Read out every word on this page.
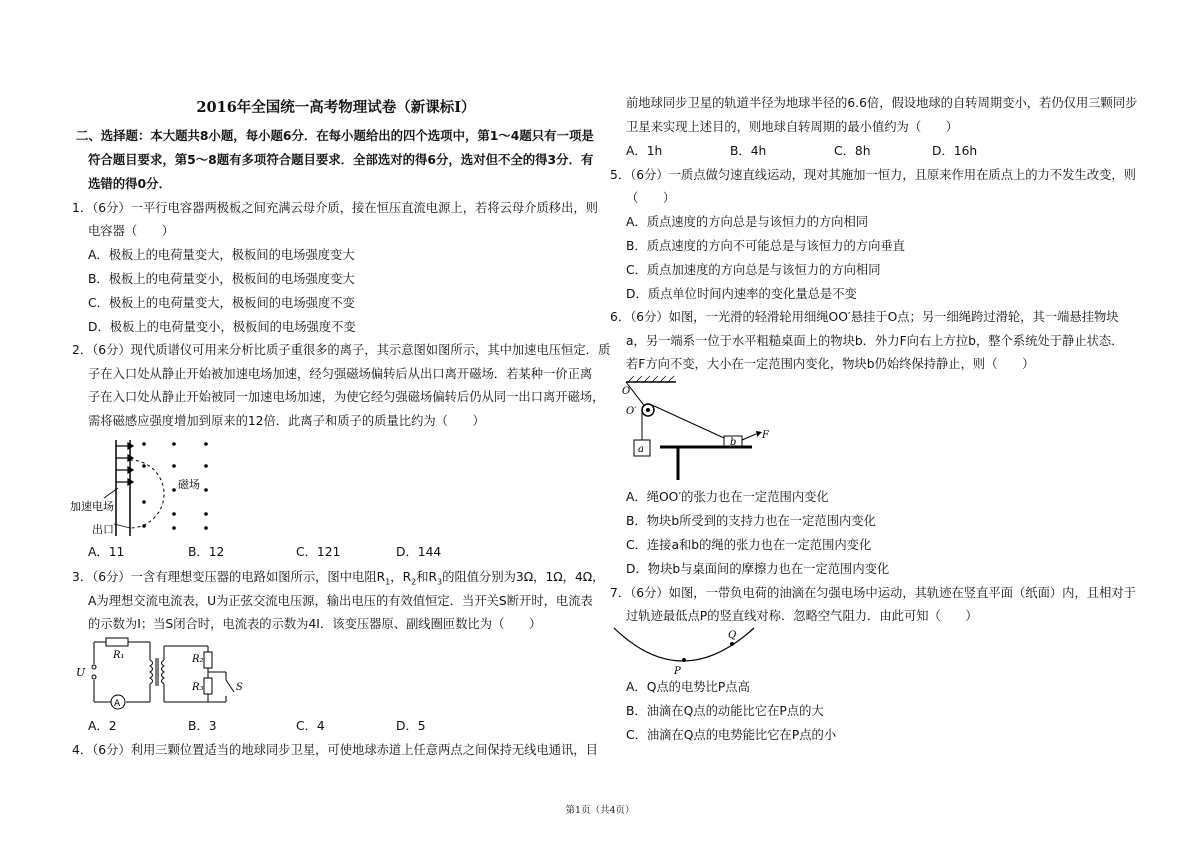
2016年全国统一高考物理试卷（新课标Ⅰ）
二、选择题：本大题共8小题，每小题6分．在每小题给出的四个选项中，第1～4题只有一项是
符合题目要求，第5～8题有多项符合题目要求．全部选对的得6分，选对但不全的得3分．有
选错的得0分．
1．（6分）一平行电容器两极板之间充满云母介质，接在恒压直流电源上，若将云母介质移出，则
电容器（　　）
A．极板上的电荷量变大，极板间的电场强度变大
B．极板上的电荷量变小，极板间的电场强度变大
C．极板上的电荷量变大，极板间的电场强度不变
D．极板上的电荷量变小，极板间的电场强度不变
2．（6分）现代质谱仪可用来分析比质子重很多的离子，其示意图如图所示，其中加速电压恒定．质
子在入口处从静止开始被加速电场加速，经匀强磁场偏转后从出口离开磁场．若某种一价正离
子在入口处从静止开始被同一加速电场加速，为使它经匀强磁场偏转后仍从同一出口离开磁场，
需将磁感应强度增加到原来的12倍．此离子和质子的质量比约为（　　）
加速电场
磁场
出口
A．11	B．12	C．121	D．144
3．（6分）一含有理想变压器的电路如图所示，图中电阻$R_1$，$R_2$和$R_3$的阻值分别为3Ω，1Ω，4Ω，
A为理想交流电流表，U为正弦交流电压源，输出电压的有效值恒定．当开关S断开时，电流表
的示数为I；当S闭合时，电流表的示数为4I．该变压器原、副线圈匝数比为（　　）
R₁	R₂
R₃
U
A
S
A．2	B．3	C．4	D．5
4．（6分）利用三颗位置适当的地球同步卫星，可使地球赤道上任意两点之间保持无线电通讯，目
前地球同步卫星的轨道半径为地球半径的6.6倍，假设地球的自转周期变小，若仍仅用三颗同步
卫星来实现上述目的，则地球自转周期的最小值约为（　　）
A．1h	B．4h	C．8h	D．16h
5．（6分）一质点做匀速直线运动，现对其施加一恒力，且原来作用在质点上的力不发生改变，则
（　　）
A．质点速度的方向总是与该恒力的方向相同
B．质点速度的方向不可能总是与该恒力的方向垂直
C．质点加速度的方向总是与该恒力的方向相同
D．质点单位时间内速率的变化量总是不变
6．（6分）如图，一光滑的轻滑轮用细绳OO′悬挂于O点；另一细绳跨过滑轮，其一端悬挂物块
a，另一端系一位于水平粗糙桌面上的物块b．外力F向右上方拉b，整个系统处于静止状态．
若F方向不变，大小在一定范围内变化，物块b仍始终保持静止，则（　　）
O
O′
a
b
F
A．绳OO′的张力也在一定范围内变化
B．物块b所受到的支持力也在一定范围内变化
C．连接a和b的绳的张力也在一定范围内变化
D．物块b与桌面间的摩擦力也在一定范围内变化
7．（6分）如图，一带负电荷的油滴在匀强电场中运动，其轨迹在竖直平面（纸面）内，且相对于
过轨迹最低点P的竖直线对称．忽略空气阻力．由此可知（　　）
P
Q
A．Q点的电势比P点高
B．油滴在Q点的动能比它在P点的大
C．油滴在Q点的电势能比它在P点的小
第1页（共4页）
